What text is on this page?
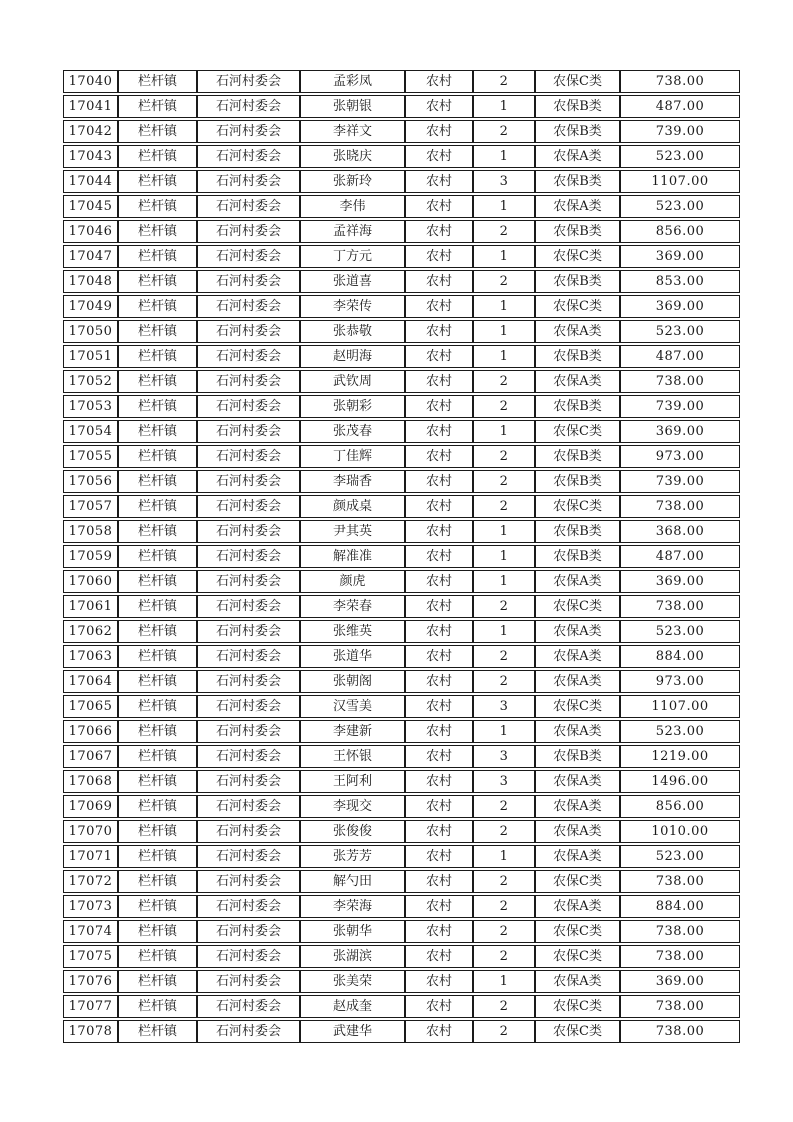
17040	栏杆镇	石河村委会	孟彩凤	农村	2	农保C类	738.00
17041	栏杆镇	石河村委会	张朝银	农村	1	农保B类	487.00
17042	栏杆镇	石河村委会	李祥文	农村	2	农保B类	739.00
17043	栏杆镇	石河村委会	张晓庆	农村	1	农保A类	523.00
17044	栏杆镇	石河村委会	张新玲	农村	3	农保B类	1107.00
17045	栏杆镇	石河村委会	李伟	农村	1	农保A类	523.00
17046	栏杆镇	石河村委会	孟祥海	农村	2	农保B类	856.00
17047	栏杆镇	石河村委会	丁方元	农村	1	农保C类	369.00
17048	栏杆镇	石河村委会	张道喜	农村	2	农保B类	853.00
17049	栏杆镇	石河村委会	李荣传	农村	1	农保C类	369.00
17050	栏杆镇	石河村委会	张恭敬	农村	1	农保A类	523.00
17051	栏杆镇	石河村委会	赵明海	农村	1	农保B类	487.00
17052	栏杆镇	石河村委会	武钦周	农村	2	农保A类	738.00
17053	栏杆镇	石河村委会	张朝彩	农村	2	农保B类	739.00
17054	栏杆镇	石河村委会	张茂春	农村	1	农保C类	369.00
17055	栏杆镇	石河村委会	丁佳辉	农村	2	农保B类	973.00
17056	栏杆镇	石河村委会	李瑞香	农村	2	农保B类	739.00
17057	栏杆镇	石河村委会	颜成桌	农村	2	农保C类	738.00
17058	栏杆镇	石河村委会	尹其英	农村	1	农保B类	368.00
17059	栏杆镇	石河村委会	解准准	农村	1	农保B类	487.00
17060	栏杆镇	石河村委会	颜虎	农村	1	农保A类	369.00
17061	栏杆镇	石河村委会	李荣春	农村	2	农保C类	738.00
17062	栏杆镇	石河村委会	张维英	农村	1	农保A类	523.00
17063	栏杆镇	石河村委会	张道华	农村	2	农保A类	884.00
17064	栏杆镇	石河村委会	张朝阁	农村	2	农保A类	973.00
17065	栏杆镇	石河村委会	汉雪美	农村	3	农保C类	1107.00
17066	栏杆镇	石河村委会	李建新	农村	1	农保A类	523.00
17067	栏杆镇	石河村委会	王怀银	农村	3	农保B类	1219.00
17068	栏杆镇	石河村委会	王阿利	农村	3	农保A类	1496.00
17069	栏杆镇	石河村委会	李现交	农村	2	农保A类	856.00
17070	栏杆镇	石河村委会	张俊俊	农村	2	农保A类	1010.00
17071	栏杆镇	石河村委会	张芳芳	农村	1	农保A类	523.00
17072	栏杆镇	石河村委会	解勺田	农村	2	农保C类	738.00
17073	栏杆镇	石河村委会	李荣海	农村	2	农保A类	884.00
17074	栏杆镇	石河村委会	张朝华	农村	2	农保C类	738.00
17075	栏杆镇	石河村委会	张湖滨	农村	2	农保C类	738.00
17076	栏杆镇	石河村委会	张美荣	农村	1	农保A类	369.00
17077	栏杆镇	石河村委会	赵成奎	农村	2	农保C类	738.00
17078	栏杆镇	石河村委会	武建华	农村	2	农保C类	738.00
